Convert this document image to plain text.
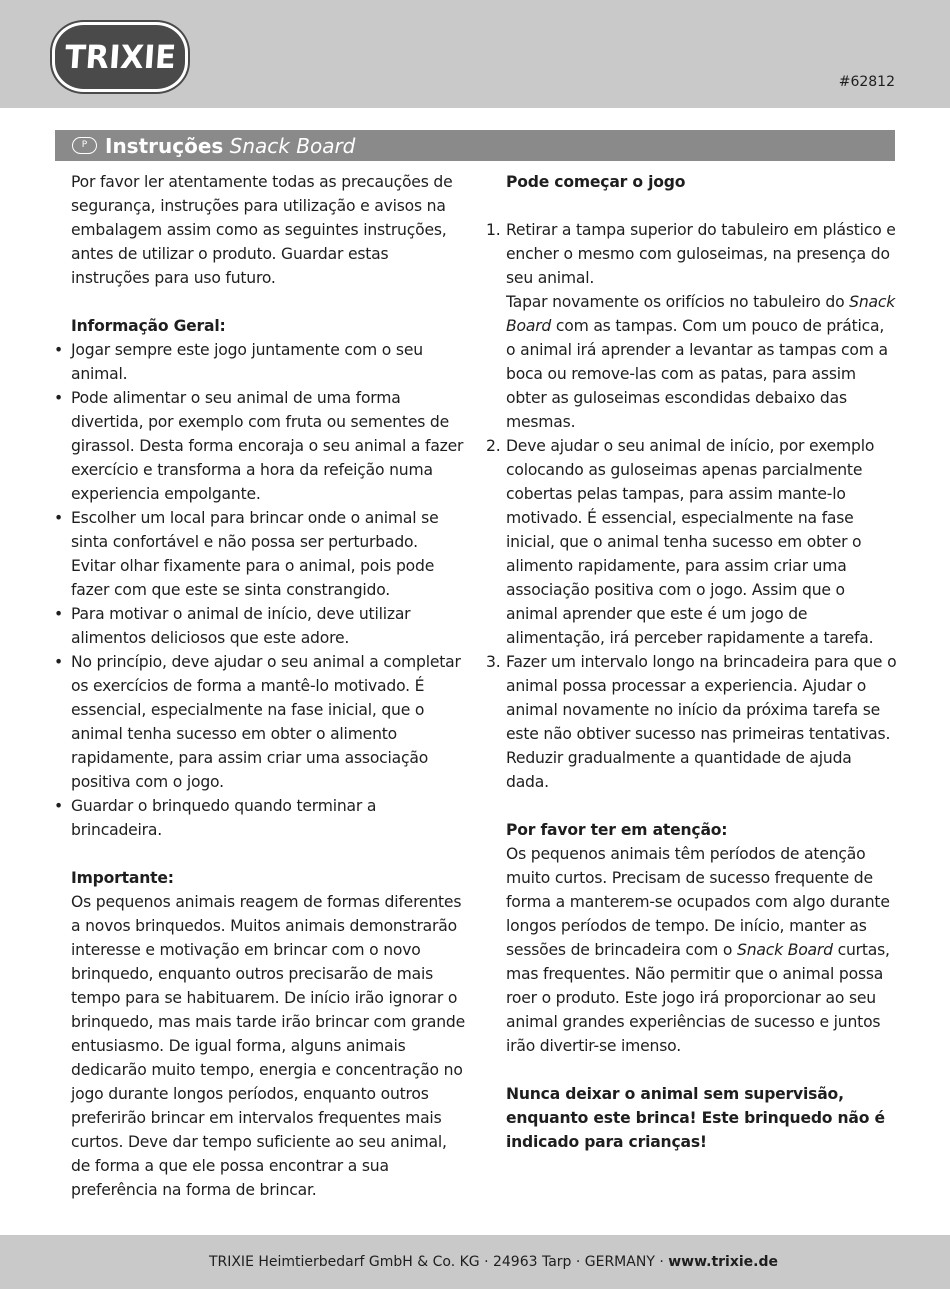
TRIXIE
#62812
P Instruções Snack Board

Por favor ler atentamente todas as precauções de segurança, instruções para utilização e avisos na embalagem assim como as seguintes instruções, antes de utilizar o produto. Guardar estas instruções para uso futuro.

Informação Geral:

• Jogar sempre este jogo juntamente com o seu animal.
• Pode alimentar o seu animal de uma forma divertida, por exemplo com fruta ou sementes de girassol. Desta forma encoraja o seu animal a fazer exercício e transforma a hora da refeição numa experiencia empolgante.
• Escolher um local para brincar onde o animal se sinta confortável e não possa ser perturbado. Evitar olhar fixamente para o animal, pois pode fazer com que este se sinta constrangido.
• Para motivar o animal de início, deve utilizar alimentos deliciosos que este adore.
• No princípio, deve ajudar o seu animal a completar os exercícios de forma a mantê-lo motivado. É essencial, especialmente na fase inicial, que o animal tenha sucesso em obter o alimento rapidamente, para assim criar uma associação positiva com o jogo.
• Guardar o brinquedo quando terminar a brincadeira.

Importante:

Os pequenos animais reagem de formas diferentes a novos brinquedos. Muitos animais demonstrarão interesse e motivação em brincar com o novo brinquedo, enquanto outros precisarão de mais tempo para se habituarem. De início irão ignorar o brinquedo, mas mais tarde irão brincar com grande entusiasmo. De igual forma, alguns animais dedicarão muito tempo, energia e concentração no jogo durante longos períodos, enquanto outros preferirão brincar em intervalos frequentes mais curtos. Deve dar tempo suficiente ao seu animal, de forma a que ele possa encontrar a sua preferência na forma de brincar.

Pode começar o jogo

1. Retirar a tampa superior do tabuleiro em plástico e encher o mesmo com guloseimas, na presença do seu animal.

Tapar novamente os orifícios no tabuleiro do Snack Board com as tampas. Com um pouco de prática, o animal irá aprender a levantar as tampas com a boca ou remove-las com as patas, para assim obter as guloseimas escondidas debaixo das mesmas.

2. Deve ajudar o seu animal de início, por exemplo colocando as guloseimas apenas parcialmente cobertas pelas tampas, para assim mante-lo motivado. É essencial, especialmente na fase inicial, que o animal tenha sucesso em obter o alimento rapidamente, para assim criar uma associação positiva com o jogo. Assim que o animal aprender que este é um jogo de alimentação, irá perceber rapidamente a tarefa.

3. Fazer um intervalo longo na brincadeira para que o animal possa processar a experiencia. Ajudar o animal novamente no início da próxima tarefa se este não obtiver sucesso nas primeiras tentativas. Reduzir gradualmente a quantidade de ajuda dada.

Por favor ter em atenção:

Os pequenos animais têm períodos de atenção muito curtos. Precisam de sucesso frequente de forma a manterem-se ocupados com algo durante longos períodos de tempo. De início, manter as sessões de brincadeira com o Snack Board curtas, mas frequentes. Não permitir que o animal possa roer o produto. Este jogo irá proporcionar ao seu animal grandes experiências de sucesso e juntos irão divertir-se imenso.

Nunca deixar o animal sem supervisão, enquanto este brinca! Este brinquedo não é indicado para crianças!

TRIXIE Heimtierbedarf GmbH & Co. KG · 24963 Tarp · GERMANY · www.trixie.de
